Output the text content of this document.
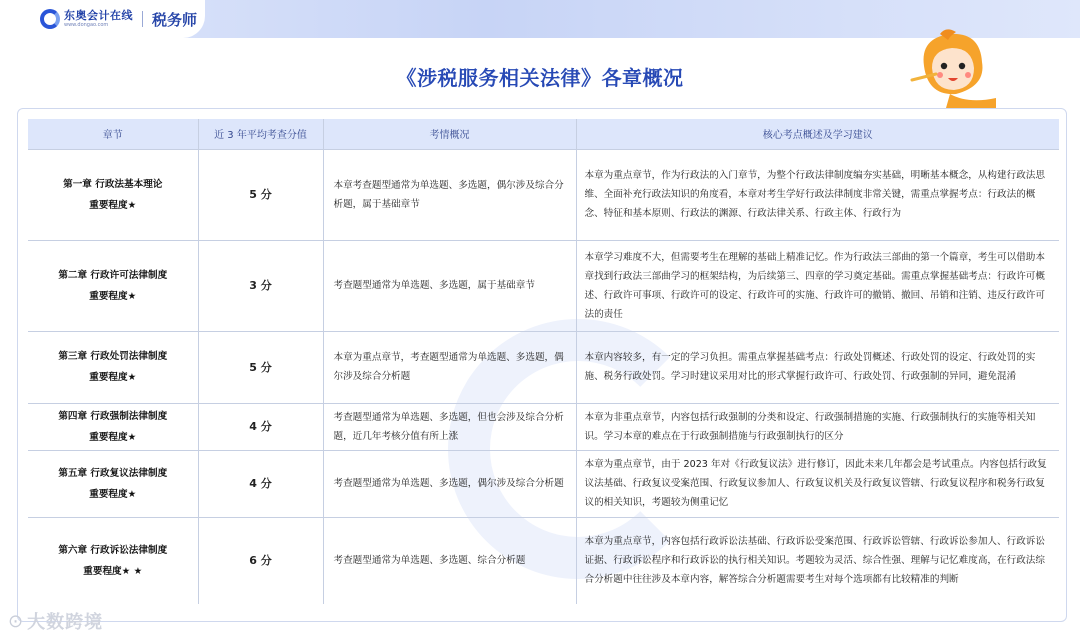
东奥会计在线
www.dongao.com	税务师
《涉税服务相关法律》各章概况
章节	近 3 年平均考查分值	考情概况	核心考点概述及学习建议

第一章 行政法基本理论
重要程度★	5 分	本章考查题型通常为单选题、多选题，偶尔涉及综合分析题，属于基础章节	本章为重点章节，作为行政法的入门章节，为整个行政法律制度编夯实基础，明晰基本概念，从构建行政法思维、全面补充行政法知识的角度看，本章对考生学好行政法律制度非常关键，需重点掌握考点：行政法的概念、特征和基本原则、行政法的渊源、行政法律关系、行政主体、行政行为

第二章 行政许可法律制度
重要程度★	3 分	考查题型通常为单选题、多选题，属于基础章节	本章学习难度不大，但需要考生在理解的基础上精准记忆。作为行政法三部曲的第一个篇章，考生可以借助本章找到行政法三部曲学习的框架结构，为后续第三、四章的学习奠定基础。需重点掌握基础考点：行政许可概述、行政许可事项、行政许可的设定、行政许可的实施、行政许可的撤销、撤回、吊销和注销、违反行政许可法的责任

第三章 行政处罚法律制度
重要程度★	5 分	本章为重点章节，考查题型通常为单选题、多选题，偶尔涉及综合分析题	本章内容较多，有一定的学习负担。需重点掌握基础考点：行政处罚概述、行政处罚的设定、行政处罚的实施、税务行政处罚。学习时建议采用对比的形式掌握行政许可、行政处罚、行政强制的异同，避免混淆

第四章 行政强制法律制度
重要程度★	4 分	考查题型通常为单选题、多选题，但也会涉及综合分析题，近几年考核分值有所上涨	本章为非重点章节，内容包括行政强制的分类和设定、行政强制措施的实施、行政强制执行的实施等相关知识。学习本章的难点在于行政强制措施与行政强制执行的区分

第五章 行政复议法律制度
重要程度★	4 分	考查题型通常为单选题、多选题，偶尔涉及综合分析题	本章为重点章节，由于 2023 年对《行政复议法》进行修订，因此未来几年都会是考试重点。内容包括行政复议法基础、行政复议受案范围、行政复议参加人、行政复议机关及行政复议管辖、行政复议程序和税务行政复议的相关知识，考题较为侧重记忆

第六章 行政诉讼法律制度
重要程度★ ★	6 分	考查题型通常为单选题、多选题、综合分析题	本章为重点章节，内容包括行政诉讼法基础、行政诉讼受案范围、行政诉讼管辖、行政诉讼参加人、行政诉讼证据、行政诉讼程序和行政诉讼的执行相关知识。考题较为灵活、综合性强、理解与记忆难度高，在行政法综合分析题中往往涉及本章内容，解答综合分析题需要考生对每个选项都有比较精准的判断
⊙ 大数跨境
